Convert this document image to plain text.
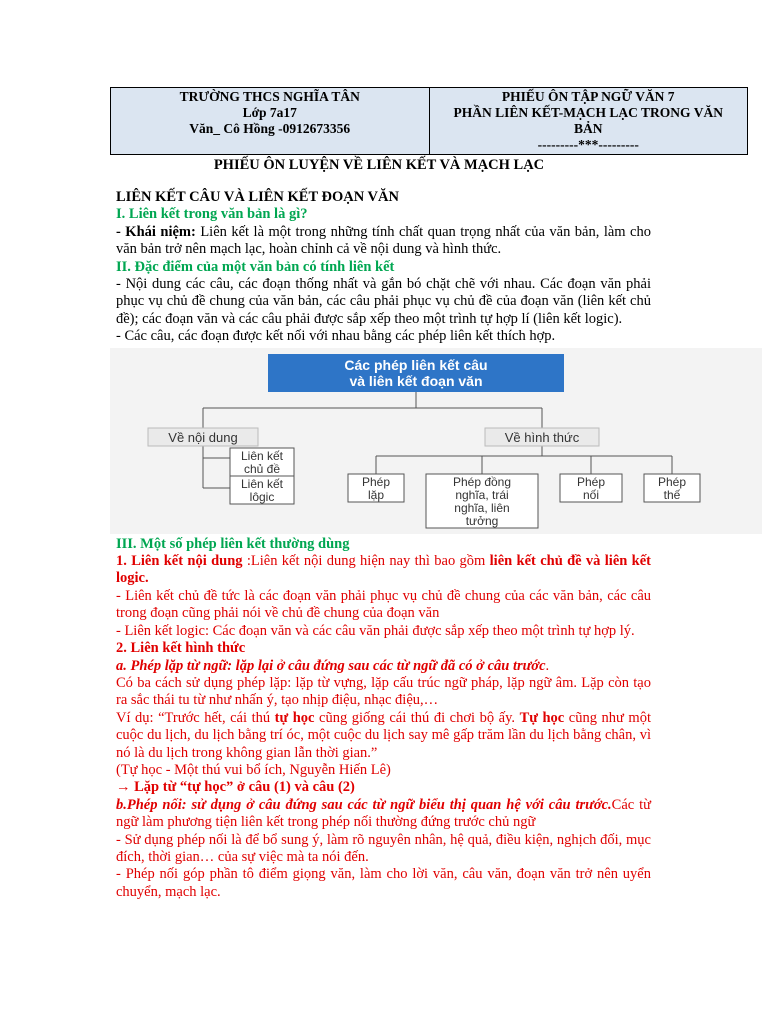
TRƯỜNG THCS NGHĨA TÂN
Lớp 7a17
Văn_ Cô Hồng -0912673356

PHIẾU ÔN TẬP NGỮ VĂN 7
PHẦN LIÊN KẾT-MẠCH LẠC TRONG VĂN
BẢN
---------***---------
PHIẾU ÔN LUYỆN VỀ LIÊN KẾT VÀ MẠCH LẠC

LIÊN KẾT CÂU VÀ LIÊN KẾT ĐOẠN VĂN

I. Liên kết trong văn bản là gì?

- Khái niệm: Liên kết là một trong những tính chất quan trọng nhất của văn bản, làm cho văn bản trở nên mạch lạc, hoàn chỉnh cả về nội dung và hình thức.

II. Đặc điểm của một văn bản có tính liên kết

- Nội dung các câu, các đoạn thống nhất và gắn bó chặt chẽ với nhau. Các đoạn văn phải phục vụ chủ đề chung của văn bản, các câu phải phục vụ chủ đề của đoạn văn (liên kết chủ đề); các đoạn văn và các câu phải được sắp xếp theo một trình tự hợp lí (liên kết logic).

- Các câu, các đoạn được kết nối với nhau bằng các phép liên kết thích hợp.

Các phép liên kết câu
và liên kết đoạn văn
Về nội dung	Về hình thức
Liên kết
chủ đề
Liên kết
lôgic
Phép
lặp
Phép đồng
nghĩa, trái
nghĩa, liên
tưởng
Phép
nối
Phép
thế

III. Một số phép liên kết thường dùng

1. Liên kết nội dung :Liên kết nội dung hiện nay thì bao gồm liên kết chủ đề và liên kết logic.

- Liên kết chủ đề tức là các đoạn văn phải phục vụ chủ đề chung của các văn bản, các câu trong đoạn cũng phải nói về chủ đề chung của đoạn văn

- Liên kết logic: Các đoạn văn và các câu văn phải được sắp xếp theo một trình tự hợp lý.

2. Liên kết hình thức

a. Phép lặp từ ngữ: lặp lại ở câu đứng sau các từ ngữ đã có ở câu trước.

Có ba cách sử dụng phép lặp: lặp từ vựng, lặp cấu trúc ngữ pháp, lặp ngữ âm. Lặp còn tạo ra sắc thái tu từ như nhấn ý, tạo nhịp điệu, nhạc điệu,…

Ví dụ: “Trước hết, cái thú tự học cũng giống cái thú đi chơi bộ ấy. Tự học cũng như một cuộc du lịch, du lịch bằng trí óc, một cuộc du lịch say mê gấp trăm lần du lịch bằng chân, vì nó là du lịch trong không gian lẫn thời gian.”

(Tự học - Một thú vui bổ ích, Nguyễn Hiến Lê)

→ Lặp từ “tự học” ở câu (1) và câu (2)

b.Phép nối: sử dụng ở câu đứng sau các từ ngữ biểu thị quan hệ với câu trước.Các từ ngữ làm phương tiện liên kết trong phép nối thường đứng trước chủ ngữ

- Sử dụng phép nối là để bổ sung ý, làm rõ nguyên nhân, hệ quả, điều kiện, nghịch đối, mục đích, thời gian… của sự việc mà ta nói đến.

- Phép nối góp phần tô điểm giọng văn, làm cho lời văn, câu văn, đoạn văn trở nên uyển chuyển, mạch lạc.
